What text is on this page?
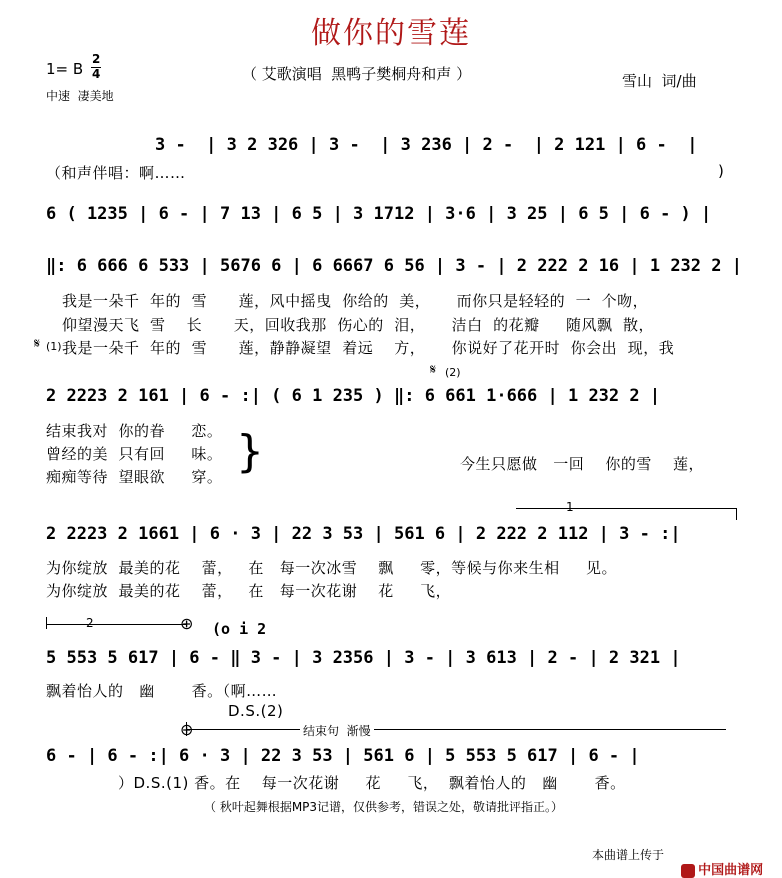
做你的雪莲
1= B
2
4	（ 艾歌演唱  黑鸭子樊桐舟和声 ）
中速  凄美地
雪山  词/曲
3 -  | 3 2 326 | 3 -  | 3 236 | 2 -  | 2 121 | 6 -  |
（和声伴唱：啊……	)
6 ( 1235 | 6 - | 7 13 | 6 5 | 3 1712 | 3·6 | 3 25 | 6 5 | 6 - ) |
‖: 6 666 6 533 | 5676 6 | 6 6667 6 56 | 3 - | 2 222 2 16 | 1 232 2 |
我是一朵千  年的  雪      莲，风中摇曳  你给的  美，     而你只是轻轻的  一  个吻，
仰望漫天飞  雪    长      天，回收我那  伤心的  泪，     洁白  的花瓣     随风飘  散，
𝄋 (1) 我是一朵千  年的  雪      莲，静静凝望  着远    方，     你说好了花开时  你会出  现，我
𝄋 (2)
2 2223 2 161 | 6 - :| ( 6 1 235 ) ‖: 6 661 1·666 | 1 232 2 |
结束我对  你的眷     恋。
曾经的美  只有回     味。
痴痴等待  望眼欲     穿。 }	今生只愿做   一回    你的雪    莲，
1
2 2223 2 1661 | 6 · 3 | 22 3 53 | 561 6 | 2 222 2 112 | 3 - :|
为你绽放  最美的花    蕾，   在   每一次冰雪    飘     零，等候与你来生相     见。
为你绽放  最美的花    蕾，   在   每一次花谢    花     飞，
2	⊕ (o i 2
5 553 5 617 | 6 - ‖ 3 - | 3 2356 | 3 - | 3 613 | 2 - | 2 321 |
飘着怡人的   幽       香。（啊……
D.S.(2)
⊕	结束句  渐慢
6 - | 6 - :| 6 · 3 | 22 3 53 | 561 6 | 5 553 5 617 | 6 - |
）D.S.(1) 香。在    每一次花谢     花     飞，  飘着怡人的   幽       香。
（ 秋叶起舞根据MP3记谱，仅供参考，错误之处，敬请批评指正。）
本曲谱上传于

中国曲谱网
